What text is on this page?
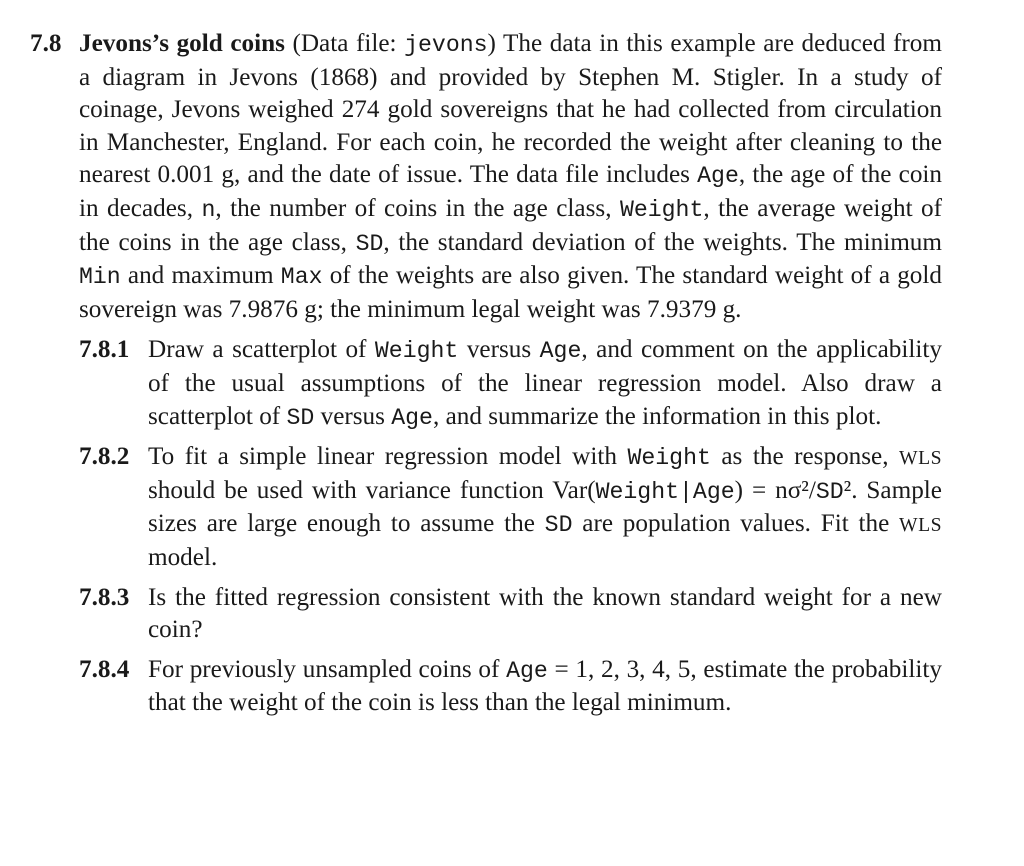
7.8 Jevons’s gold coins (Data file: jevons) The data in this example are deduced from a diagram in Jevons (1868) and provided by Stephen M. Stigler. In a study of coinage, Jevons weighed 274 gold sovereigns that he had collected from circulation in Manchester, England. For each coin, he recorded the weight after cleaning to the nearest 0.001 g, and the date of issue. The data file includes Age, the age of the coin in decades, n, the number of coins in the age class, Weight, the average weight of the coins in the age class, SD, the standard deviation of the weights. The minimum Min and maximum Max of the weights are also given. The standard weight of a gold sovereign was 7.9876 g; the minimum legal weight was 7.9379 g.
7.8.1 Draw a scatterplot of Weight versus Age, and comment on the applicability of the usual assumptions of the linear regression model. Also draw a scatterplot of SD versus Age, and summarize the information in this plot.
7.8.2 To fit a simple linear regression model with Weight as the response, WLS should be used with variance function Var(Weight|Age) = nσ²/SD². Sample sizes are large enough to assume the SD are population values. Fit the WLS model.
7.8.3 Is the fitted regression consistent with the known standard weight for a new coin?
7.8.4 For previously unsampled coins of Age = 1, 2, 3, 4, 5, estimate the probability that the weight of the coin is less than the legal minimum.
